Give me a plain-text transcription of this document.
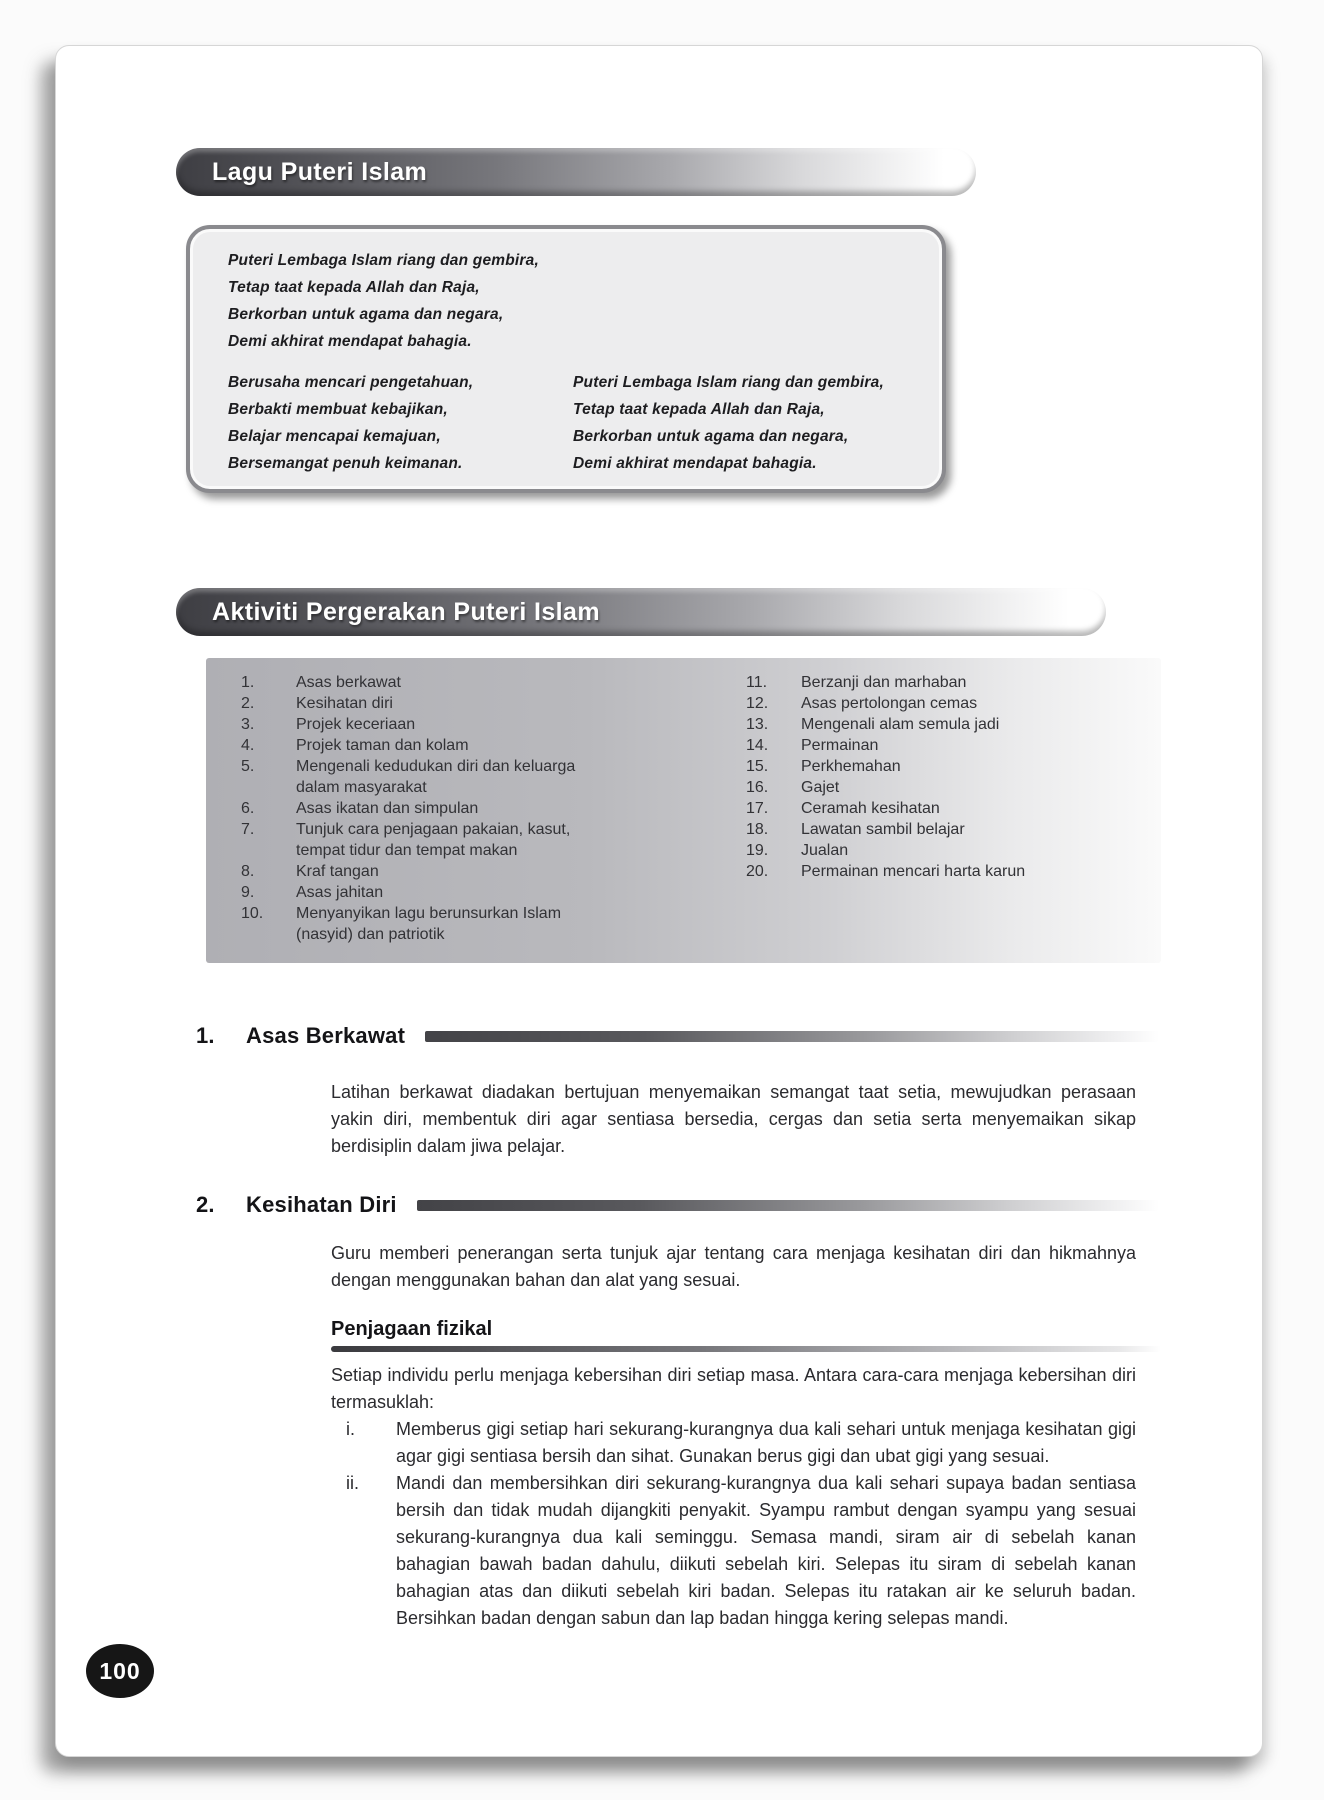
Lagu Puteri Islam
Puteri Lembaga Islam riang dan gembira,
Tetap taat kepada Allah dan Raja,
Berkorban untuk agama dan negara,
Demi akhirat mendapat bahagia.
Berusaha mencari pengetahuan,
Berbakti membuat kebajikan,
Belajar mencapai kemajuan,
Bersemangat penuh keimanan.
Puteri Lembaga Islam riang dan gembira,
Tetap taat kepada Allah dan Raja,
Berkorban untuk agama dan negara,
Demi akhirat mendapat bahagia.
Aktiviti Pergerakan Puteri Islam
1.	Asas berkawat
2.	Kesihatan diri
3.	Projek keceriaan
4.	Projek taman dan kolam
5.	Mengenali kedudukan diri dan keluarga dalam masyarakat
6.	Asas ikatan dan simpulan
7.	Tunjuk cara penjagaan pakaian, kasut, tempat tidur dan tempat makan
8.	Kraf tangan
9.	Asas jahitan
10.	Menyanyikan lagu berunsurkan Islam (nasyid) dan patriotik
11.	Berzanji dan marhaban
12.	Asas pertolongan cemas
13.	Mengenali alam semula jadi
14.	Permainan
15.	Perkhemahan
16.	Gajet
17.	Ceramah kesihatan
18.	Lawatan sambil belajar
19.	Jualan
20.	Permainan mencari harta karun
1.	Asas Berkawat

Latihan berkawat diadakan bertujuan menyemaikan semangat taat setia, mewujudkan perasaan yakin diri, membentuk diri agar sentiasa bersedia, cergas dan setia serta menyemaikan sikap berdisiplin dalam jiwa pelajar.

2.	Kesihatan Diri

Guru memberi penerangan serta tunjuk ajar tentang cara menjaga kesihatan diri dan hikmahnya dengan menggunakan bahan dan alat yang sesuai.

Penjagaan fizikal

Setiap individu perlu menjaga kebersihan diri setiap masa. Antara cara-cara menjaga kebersihan diri termasuklah:

i.	Memberus gigi setiap hari sekurang-kurangnya dua kali sehari untuk menjaga kesihatan gigi agar gigi sentiasa bersih dan sihat. Gunakan berus gigi dan ubat gigi yang sesuai.
ii.	Mandi dan membersihkan diri sekurang-kurangnya dua kali sehari supaya badan sentiasa bersih dan tidak mudah dijangkiti penyakit. Syampu rambut dengan syampu yang sesuai sekurang-kurangnya dua kali seminggu. Semasa mandi, siram air di sebelah kanan bahagian bawah badan dahulu, diikuti sebelah kiri. Selepas itu siram di sebelah kanan bahagian atas dan diikuti sebelah kiri badan. Selepas itu ratakan air ke seluruh badan. Bersihkan badan dengan sabun dan lap badan hingga kering selepas mandi.
100
